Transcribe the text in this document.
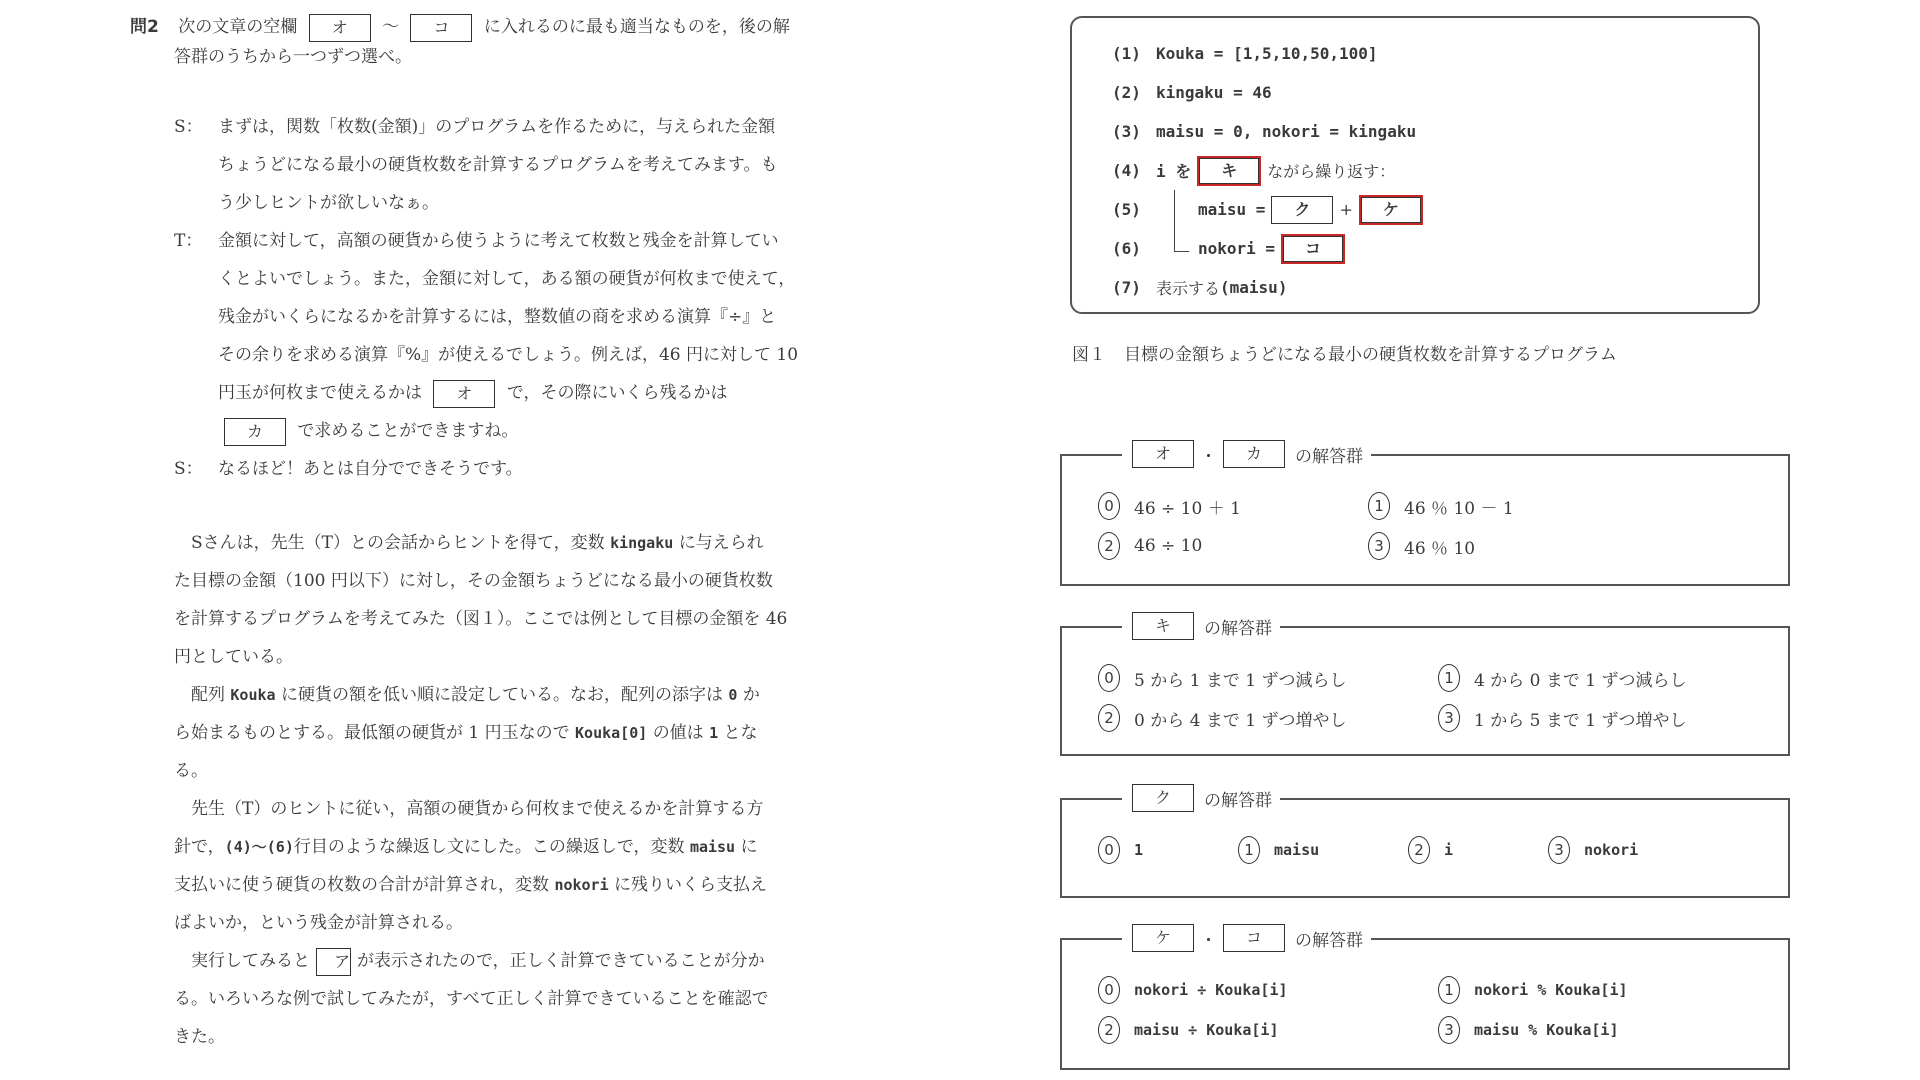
問2 次の文章の空欄 オ ～ コ に入れるのに最も適当なものを，後の解
答群のうちから一つずつ選べ。
S： まずは，関数「枚数(金額)」のプログラムを作るために，与えられた金額
ちょうどになる最小の硬貨枚数を計算するプログラムを考えてみます。も
う少しヒントが欲しいなぁ。
T： 金額に対して，高額の硬貨から使うように考えて枚数と残金を計算してい
くとよいでしょう。また，金額に対して，ある額の硬貨が何枚まで使えて，
残金がいくらになるかを計算するには，整数値の商を求める演算『÷』と
その余りを求める演算『%』が使えるでしょう。例えば，46 円に対して 10
円玉が何枚まで使えるかは オ で，その際にいくら残るかは
カ で求めることができますね。
S： なるほど！あとは自分でできそうです。
Sさんは，先生（T）との会話からヒントを得て，変数 kingaku に与えられ
た目標の金額（100 円以下）に対し，その金額ちょうどになる最小の硬貨枚数
を計算するプログラムを考えてみた（図１）。ここでは例として目標の金額を 46
円としている。
配列 Kouka に硬貨の額を低い順に設定している。なお，配列の添字は 0 か
ら始まるものとする。最低額の硬貨が 1 円玉なので Kouka[0] の値は 1 とな
る。
先生（T）のヒントに従い，高額の硬貨から何枚まで使えるかを計算する方
針で，(4)～(6)行目のような繰返し文にした。この繰返しで，変数 maisu に
支払いに使う硬貨の枚数の合計が計算され，変数 nokori に残りいくら支払え
ばよいか，という残金が計算される。
実行してみると ア が表示されたので，正しく計算できていることが分か
る。いろいろな例で試してみたが，すべて正しく計算できていることを確認で
きた。
(1) Kouka = [1,5,10,50,100]
(2) kingaku = 46
(3) maisu = 0, nokori = kingaku
(4) i を	キ	ながら繰り返す：
(5)	maisu =	ク	+	ケ
(6)	nokori =	コ
(7) 表示する (maisu)
図１ 目標の金額ちょうどになる最小の硬貨枚数を計算するプログラム
オ	・	カ	の解答群
0	46 ÷ 10 ＋ 1	1	46 ％ 10 － 1
2	46 ÷ 10	3	46 ％ 10
キ	の解答群
0	5 から 1 まで 1 ずつ減らし	1	4 から 0 まで 1 ずつ減らし
2	0 から 4 まで 1 ずつ増やし	3	1 から 5 まで 1 ずつ増やし
ク	の解答群
0	1	1	maisu	2	i	3	nokori
ケ	・	コ	の解答群
0	nokori ÷ Kouka[i]	1	nokori % Kouka[i]
2	maisu ÷ Kouka[i]	3	maisu % Kouka[i]
